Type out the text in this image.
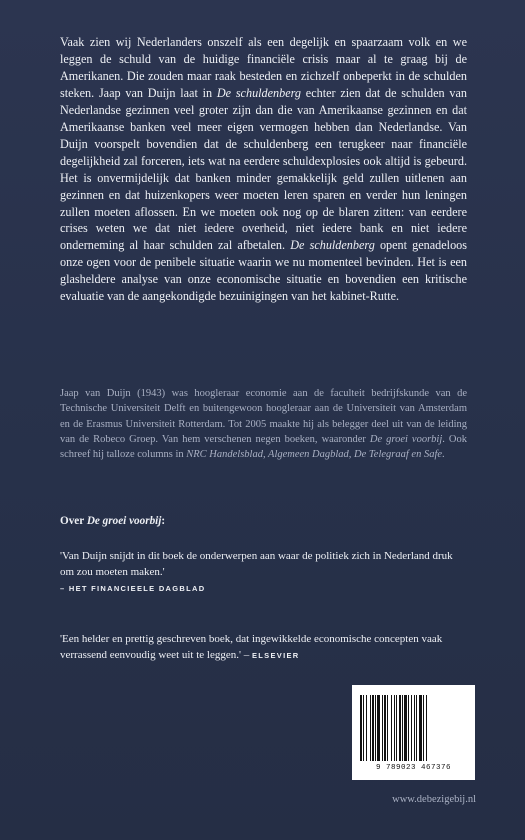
Vaak zien wij Nederlanders onszelf als een degelijk en spaarzaam volk en we leggen de schuld van de huidige financiële crisis maar al te graag bij de Amerikanen. Die zouden maar raak besteden en zichzelf onbeperkt in de schulden steken. Jaap van Duijn laat in De schuldenberg echter zien dat de schulden van Nederlandse gezinnen veel groter zijn dan die van Amerikaanse gezinnen en dat Amerikaanse banken veel meer eigen vermogen hebben dan Nederlandse. Van Duijn voorspelt bovendien dat de schuldenberg een terugkeer naar financiële degelijkheid zal forceren, iets wat na eerdere schuldexplosies ook altijd is gebeurd. Het is onvermijdelijk dat banken minder gemakkelijk geld zullen uitlenen aan gezinnen en dat huizenkopers weer moeten leren sparen en verder hun leningen zullen moeten aflossen. En we moeten ook nog op de blaren zitten: van eerdere crises weten we dat niet iedere overheid, niet iedere bank en niet iedere onderneming al haar schulden zal afbetalen. De schuldenberg opent genadeloos onze ogen voor de penibele situatie waarin we nu momenteel bevinden. Het is een glasheldere analyse van onze economische situatie en bovendien een kritische evaluatie van de aangekondigde bezuinigingen van het kabinet-Rutte.

Jaap van Duijn (1943) was hoogleraar economie aan de faculteit bedrijfskunde van de Technische Universiteit Delft en buitengewoon hoogleraar aan de Universiteit van Amsterdam en de Erasmus Universiteit Rotterdam. Tot 2005 maakte hij als belegger deel uit van de leiding van de Robeco Groep. Van hem verschenen negen boeken, waaronder De groei voorbij. Ook schreef hij talloze columns in NRC Handelsblad, Algemeen Dagblad, De Telegraaf en Safe.

Over De groei voorbij:
'Van Duijn snijdt in dit boek de onderwerpen aan waar de politiek zich in Nederland druk om zou moeten maken.'
– HET FINANCIEELE DAGBLAD
'Een helder en prettig geschreven boek, dat ingewikkelde economische concepten vaak verrassend eenvoudig weet uit te leggen.' – ELSEVIER
9 789023 467376
www.debezigebij.nl
